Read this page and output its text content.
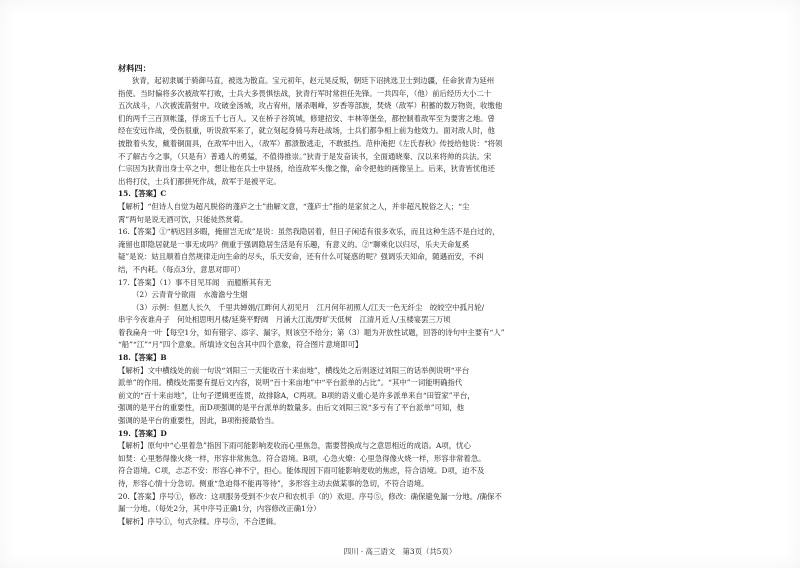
材料四：

狄青，起初隶属于骑御马直，被选为散直。宝元初年，赵元昊反叛，朝廷下诏挑选卫士到边疆，任命狄青为延州

指使。当时偏将多次被敌军打败，士兵大多畏惧怯战，狄青行军时常担任先锋。一共四年，（他）前后经历大小二十

五次战斗，八次被流箭射中。攻破金汤城，攻占宥州，屠杀咽峰，岁香等部族，焚烧（敌军）积蓄的数万物资，收缴他

们的两千三百顶帐篷，俘虏五千七百人。又在桥子谷筑城，修建招安、丰林等堡垒，都控制着敌军至为要害之地。曾

经在安远作战，受伤很重，听说敌军来了，就立刻起身骑马奔赴战场，士兵们都争相上前为他效力。面对敌人时，他

披散着头发，戴着铜面具，在敌军中出入，（敌军）都溃散逃走，不敢抵挡。范仲淹把《左氏春秋》传授给他说：“将领

不了解古今之事，（只是有）普通人的勇猛，不值得推崇。”狄青于是发奋读书，全面通晓秦、汉以来将帅的兵法。宋

仁宗因为狄青出身士卒之中，想让他在兵士中显扬，给连敌军头像之像，命令把他的画像呈上。后来，狄青皆忧他还

出将打仗，士兵们都拼死作战，敌军于是被平定。

15.【答案】C

【解析】“但诗人自觉为超凡脱俗的蓬庐之士”曲解文意，“蓬庐士”指的是家贫之人，并非超凡脱俗之人；“尘

霄”两句是说无酒可饮，只能徒然赏菊。

16.【答案】①“柄迟回多暇，掩留岂无成”是说：虽然我隐居着，但日子闲适有很多欢乐，而且这种生活不是白过的，

淹留也即隐居就是一事无成吗？侧重于强调隐居生活是有乐趣，有意义的。②“聊乘化以归尽，乐夫天命复奚

疑”是说：姑且顺着自然规律走向生命的尽头，乐天安命，还有什么可疑惑的呢？强调乐天知命，随遇而安，不纠

结，不内耗。（每点3分，意思对即可）

17.【答案】（1）事不目见耳闻　而臆断其有无

（2）云青青兮欲雨　水澹澹兮生烟

（3）示例：但愿人长久　千里共婵娟/江畔何人初见月　江月何年初照人/江天一色无纤尘　皎皎空中孤月轮/

串宇今夜谁舟子　何处相思明月楼/延葵平野阔　月涌大江流/野旷天低树　江清月近人/玉楼宴罢三万顷

着我扁舟一叶【每空1分，如有错字、添字、漏字，则该空不给分；第（3）题为开放性试题，回答的诗句中主要有“人”

“船”“江”“月”四个意象。所填诗文包含其中四个意象，符合图片意境即可】

18.【答案】B

【解析】文中横线处的前一句说“刘阳三一天能收百十来亩地”，横线处之后则逐过刘阳三的话举例说明“平台

派单”的作用。横线处需要有提后文内容，说明“百十来亩地”中“平台派单的占比”。“其中”一词能明确指代

前文的“百十来亩地”，让句子逻辑更连贯，故排除A，C两项。B项的语义重心是许多派单来自“田管家”平台，

强调的是平台的重要性，而D项强调的是平台派单的数量多。由后文刘阳三说“多亏有了平台派单”可知，他

强调的是平台的重要性，因此，B项衔接最恰当。

19.【答案】D

【解析】原句中“心里着急”指因下雨可能影响麦收而心里焦急，需要替换成与之意思相近的成语。A项，忧心

如焚：心里愁得像火烧一样，形容非常焦急。符合语境。B项，心急火燎：心里急得像火烧一样，形容非常着急。

符合语境。C项，忐忑不安：形容心神不宁，担心。能体现因下雨可能影响麦收的焦虑，符合语境。D项，迫不及

待，形容心情十分急切。侧重“急迫得不能再等待”，多形容主动去做某事的急切，不符合语境。

20.【答案】序号①，修改：这项服务受到不少农户和农机手（的）欢迎。序号⑤，修改：确保避免漏一分地。/确保不

漏一分地。（每处2分，其中序号正确1分，内容修改正确1分）

【解析】序号①，句式杂糅。序号⑤，不合逻辑。

四川 · 高三语文　第3页（共5页）
